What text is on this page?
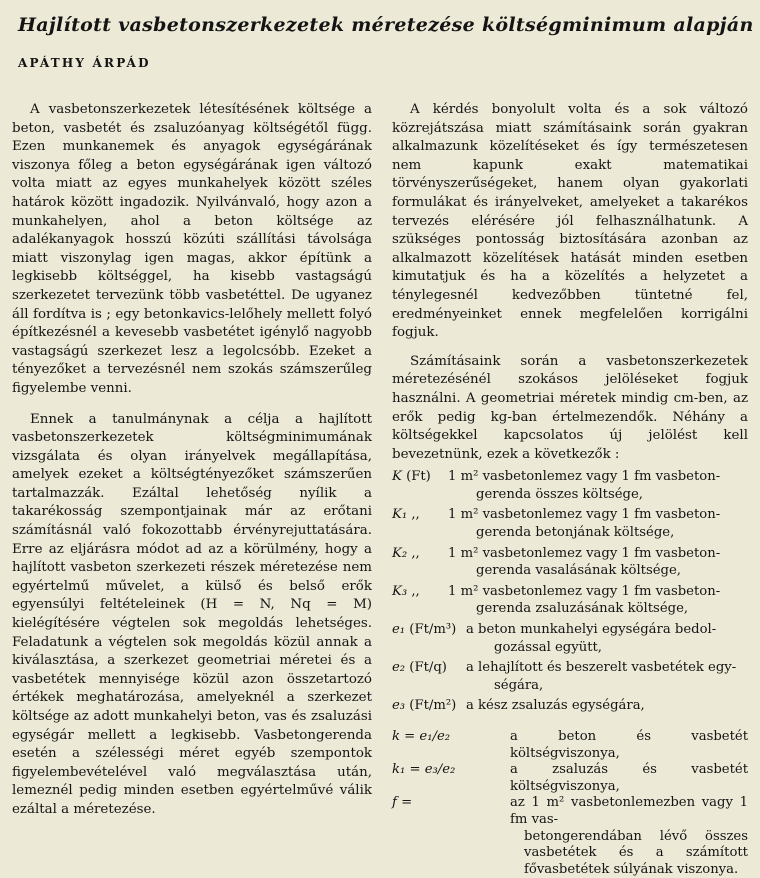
Hajlított vasbetonszerkezetek méretezése költségminimum alapján
APÁTHY ÁRPÁD

A vasbetonszerkezetek létesítésének költsége a beton, vasbetét és zsaluzóanyag költségétől függ. Ezen munkanemek és anyagok egységárának viszonya főleg a beton egységárának igen változó volta miatt az egyes munkahelyek között széles határok között ingadozik. Nyilvánvaló, hogy azon a munkahelyen, ahol a beton költsége az adalékanyagok hosszú közúti szállítási távolsága miatt viszonylag igen magas, akkor építünk a legkisebb költséggel, ha kisebb vastagságú szerkezetet tervezünk több vasbetéttel. De ugyanez áll fordítva is ; egy betonkavics-lelőhely mellett folyó építkezésnél a kevesebb vasbetétet igénylő nagyobb vastagságú szerkezet lesz a legolcsóbb. Ezeket a tényezőket a tervezésnél nem szokás számszerűleg figyelembe venni.

Ennek a tanulmánynak a célja a hajlított vasbetonszerkezetek költségminimumának vizsgálata és olyan irányelvek megállapítása, amelyek ezeket a költségtényezőket számszerűen tartalmazzák. Ezáltal lehetőség nyílik a takarékosság szempontjainak már az erőtani számításnál való fokozottabb érvényrejuttatására. Erre az eljárásra módot ad az a körülmény, hogy a hajlított vasbeton szerkezeti részek méretezése nem egyértelmű művelet, a külső és belső erők egyensúlyi feltételeinek (H = N, Nq = M) kielégítésére végtelen sok megoldás lehetséges. Feladatunk a végtelen sok megoldás közül annak a kiválasztása, a szerkezet geometriai méretei és a vasbetétek mennyisége közül azon összetartozó értékek meghatározása, amelyeknél a szerkezet költsége az adott munkahelyi beton, vas és zsaluzási egységár mellett a legkisebb. Vasbetongerenda esetén a szélességi méret egyéb szempontok figyelembevételével való megválasztása után, lemeznél pedig minden esetben egyértelművé válik ezáltal a méretezése.

A kérdés bonyolult volta és a sok változó közrejátszása miatt számításaink során gyakran alkalmazunk közelítéseket és így természetesen nem kapunk exakt matematikai törvényszerűségeket, hanem olyan gyakorlati formulákat és irányelveket, amelyeket a takarékos tervezés elérésére jól felhasználhatunk. A szükséges pontosság biztosítására azonban az alkalmazott közelítések hatását minden esetben kimutatjuk és ha a közelítés a helyzetet a ténylegesnél kedvezőbben tüntetné fel, eredményeinket ennek megfelelően korrigálni fogjuk.

Számításaink során a vasbetonszerkezetek méretezésénél szokásos jelöléseket fogjuk használni. A geometriai méretek mindig cm-ben, az erők pedig kg-ban értelmezendők. Néhány a költségekkel kapcsolatos új jelölést kell bevezetnünk, ezek a következők :

K (Ft)	1 m² vasbetonlemez vagy 1 fm vasbeton-
gerenda összes költsége,
K₁ ,,	1 m² vasbetonlemez vagy 1 fm vasbeton-
gerenda betonjának költsége,
K₂ ,,	1 m² vasbetonlemez vagy 1 fm vasbeton-
gerenda vasalásának költsége,
K₃ ,,	1 m² vasbetonlemez vagy 1 fm vasbeton-
gerenda zsaluzásának költsége,
e₁ (Ft/m³) a beton munkahelyi egységára bedol-
gozással együtt,
e₂ (Ft/q)	a lehajlított és beszerelt vasbetétek egy-
ségára,
e₃ (Ft/m²) a kész zsaluzás egységára,
k = e₁/e₂	a beton és vasbetét költségviszonya,
k₁ = e₃/e₂	a zsaluzás és vasbetét költségviszonya,
f =	az 1 m² vasbetonlemezben vagy 1 fm vas-
betongerendában lévő összes vasbetétek és a számított fővasbetétek súlyának viszonya.
